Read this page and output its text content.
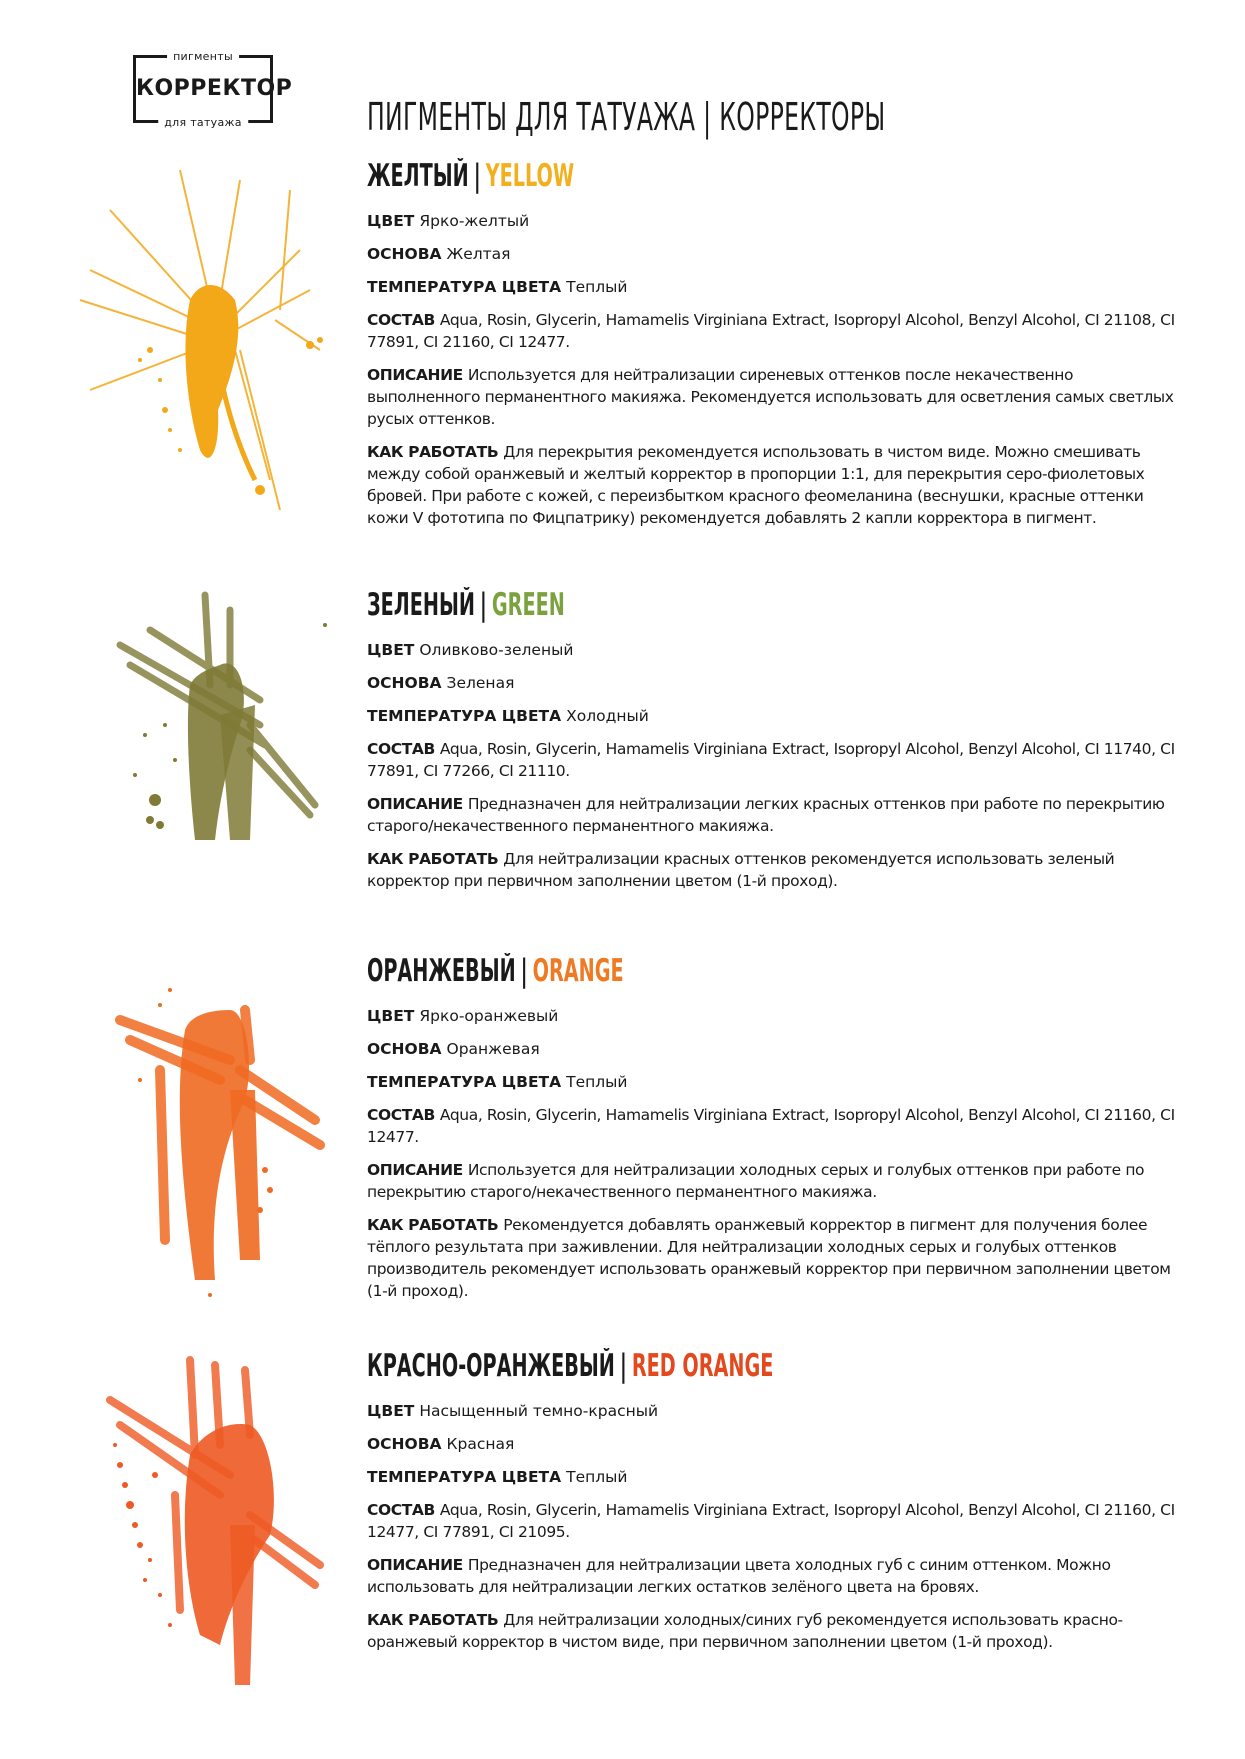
пигменты
КОРРЕКТОР
для татуажа	ПИГМЕНТЫ ДЛЯ ТАТУАЖА | КОРРЕКТОРЫ
ЖЕЛТЫЙ | YELLOW
ЦВЕТ Ярко-желтый
ОСНОВА Желтая
ТЕМПЕРАТУРА ЦВЕТА Теплый
СОСТАВ Aqua, Rosin, Glycerin, Hamamelis Virginiana Extract, Isopropyl Alcohol, Benzyl Alcohol, CI 21108, CI 77891, CI 21160, CI 12477.
ОПИСАНИЕ Используется для нейтрализации сиреневых оттенков после некачественно выполненного перманентного макияжа. Рекомендуется использовать для осветления самых светлых русых оттенков.
КАК РАБОТАТЬ Для перекрытия рекомендуется использовать в чистом виде. Можно смешивать между собой оранжевый и желтый корректор в пропорции 1:1, для перекрытия серо-фиолетовых бровей. При работе с кожей, с переизбытком красного феомеланина (веснушки, красные оттенки кожи V фототипа по Фицпатрику) рекомендуется добавлять 2 капли корректора в пигмент.
ЗЕЛЕНЫЙ | GREEN
ЦВЕТ Оливково-зеленый
ОСНОВА Зеленая
ТЕМПЕРАТУРА ЦВЕТА Холодный
СОСТАВ Aqua, Rosin, Glycerin, Hamamelis Virginiana Extract, Isopropyl Alcohol, Benzyl Alcohol, CI 11740, CI 77891, CI 77266, CI 21110.
ОПИСАНИЕ Предназначен для нейтрализации легких красных оттенков при работе по перекрытию старого/некачественного перманентного макияжа.
КАК РАБОТАТЬ Для нейтрализации красных оттенков рекомендуется использовать зеленый корректор при первичном заполнении цветом (1-й проход).
ОРАНЖЕВЫЙ | ORANGE
ЦВЕТ Ярко-оранжевый
ОСНОВА Оранжевая
ТЕМПЕРАТУРА ЦВЕТА Теплый
СОСТАВ Aqua, Rosin, Glycerin, Hamamelis Virginiana Extract, Isopropyl Alcohol, Benzyl Alcohol, CI 21160, CI 12477.
ОПИСАНИЕ Используется для нейтрализации холодных серых и голубых оттенков при работе по перекрытию старого/некачественного перманентного макияжа.
КАК РАБОТАТЬ Рекомендуется добавлять оранжевый корректор в пигмент для получения более тёплого результата при заживлении. Для нейтрализации холодных серых и голубых оттенков производитель рекомендует использовать оранжевый корректор при первичном заполнении цветом (1-й проход).
КРАСНО-ОРАНЖЕВЫЙ | RED ORANGE
ЦВЕТ Насыщенный темно-красный
ОСНОВА Красная
ТЕМПЕРАТУРА ЦВЕТА Теплый
СОСТАВ Aqua, Rosin, Glycerin, Hamamelis Virginiana Extract, Isopropyl Alcohol, Benzyl Alcohol, CI 21160, CI 12477, CI 77891, CI 21095.
ОПИСАНИЕ Предназначен для нейтрализации цвета холодных губ с синим оттенком. Можно использовать для нейтрализации легких остатков зелёного цвета на бровях.
КАК РАБОТАТЬ Для нейтрализации холодных/синих губ рекомендуется использовать красно-оранжевый корректор в чистом виде, при первичном заполнении цветом (1-й проход).
